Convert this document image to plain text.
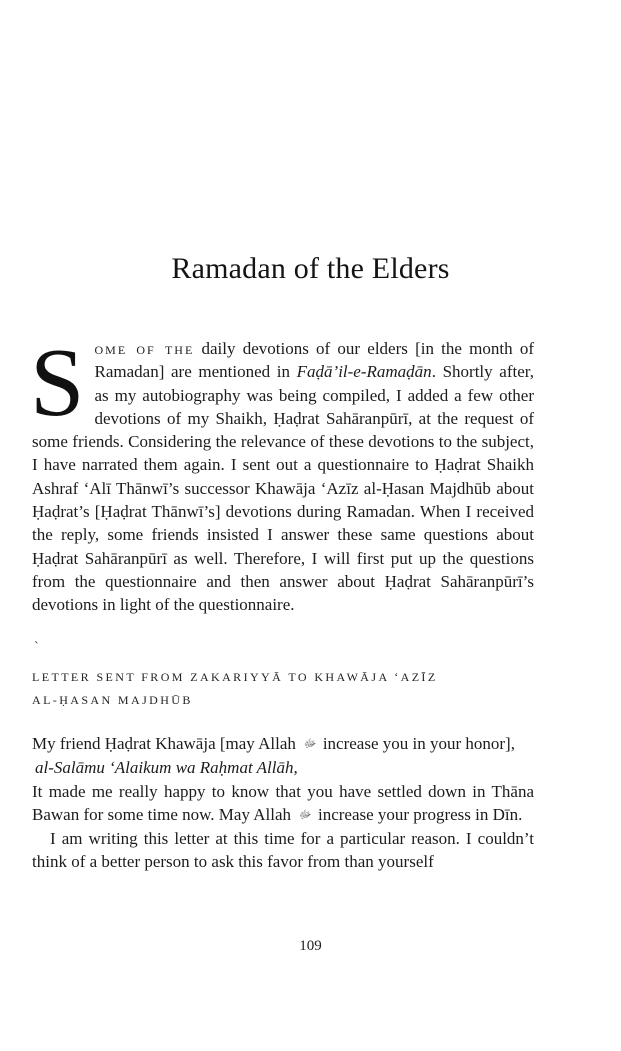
Ramadan of the Elders
Some of the daily devotions of our elders [in the month of Ramadan] are mentioned in Faḍā’il-e-Ramaḍān. Shortly after, as my autobiography was being compiled, I added a few other devotions of my Shaikh, Ḥaḍrat Sahāranpūrī, at the request of some friends. Considering the relevance of these devotions to the subject, I have narrated them again. I sent out a questionnaire to Ḥaḍrat Shaikh Ashraf ‘Alī Thānwī’s successor Khawāja ‘Azīz al-Ḥasan Majdhūb about Ḥaḍrat’s [Ḥaḍrat Thānwī’s] devotions during Ramadan. When I received the reply, some friends insisted I answer these same questions about Ḥaḍrat Sahāranpūrī as well. Therefore, I will first put up the questions from the questionnaire and then answer about Ḥaḍrat Sahāranpūrī’s devotions in light of the questionnaire.
`
LETTER SENT FROM ZAKARIYYĀ TO KHAWĀJA ‘AZĪZ
AL-ḤASAN MAJDHŪB

My friend Ḥaḍrat Khawāja [may Allah ﷻ increase you in your honor],

al-Salāmu ‘Alaikum wa Raḥmat Allāh,

It made me really happy to know that you have settled down in Thāna Bawan for some time now. May Allah ﷻ increase your progress in Dīn.

I am writing this letter at this time for a particular reason. I couldn’t think of a better person to ask this favor from than yourself

109
